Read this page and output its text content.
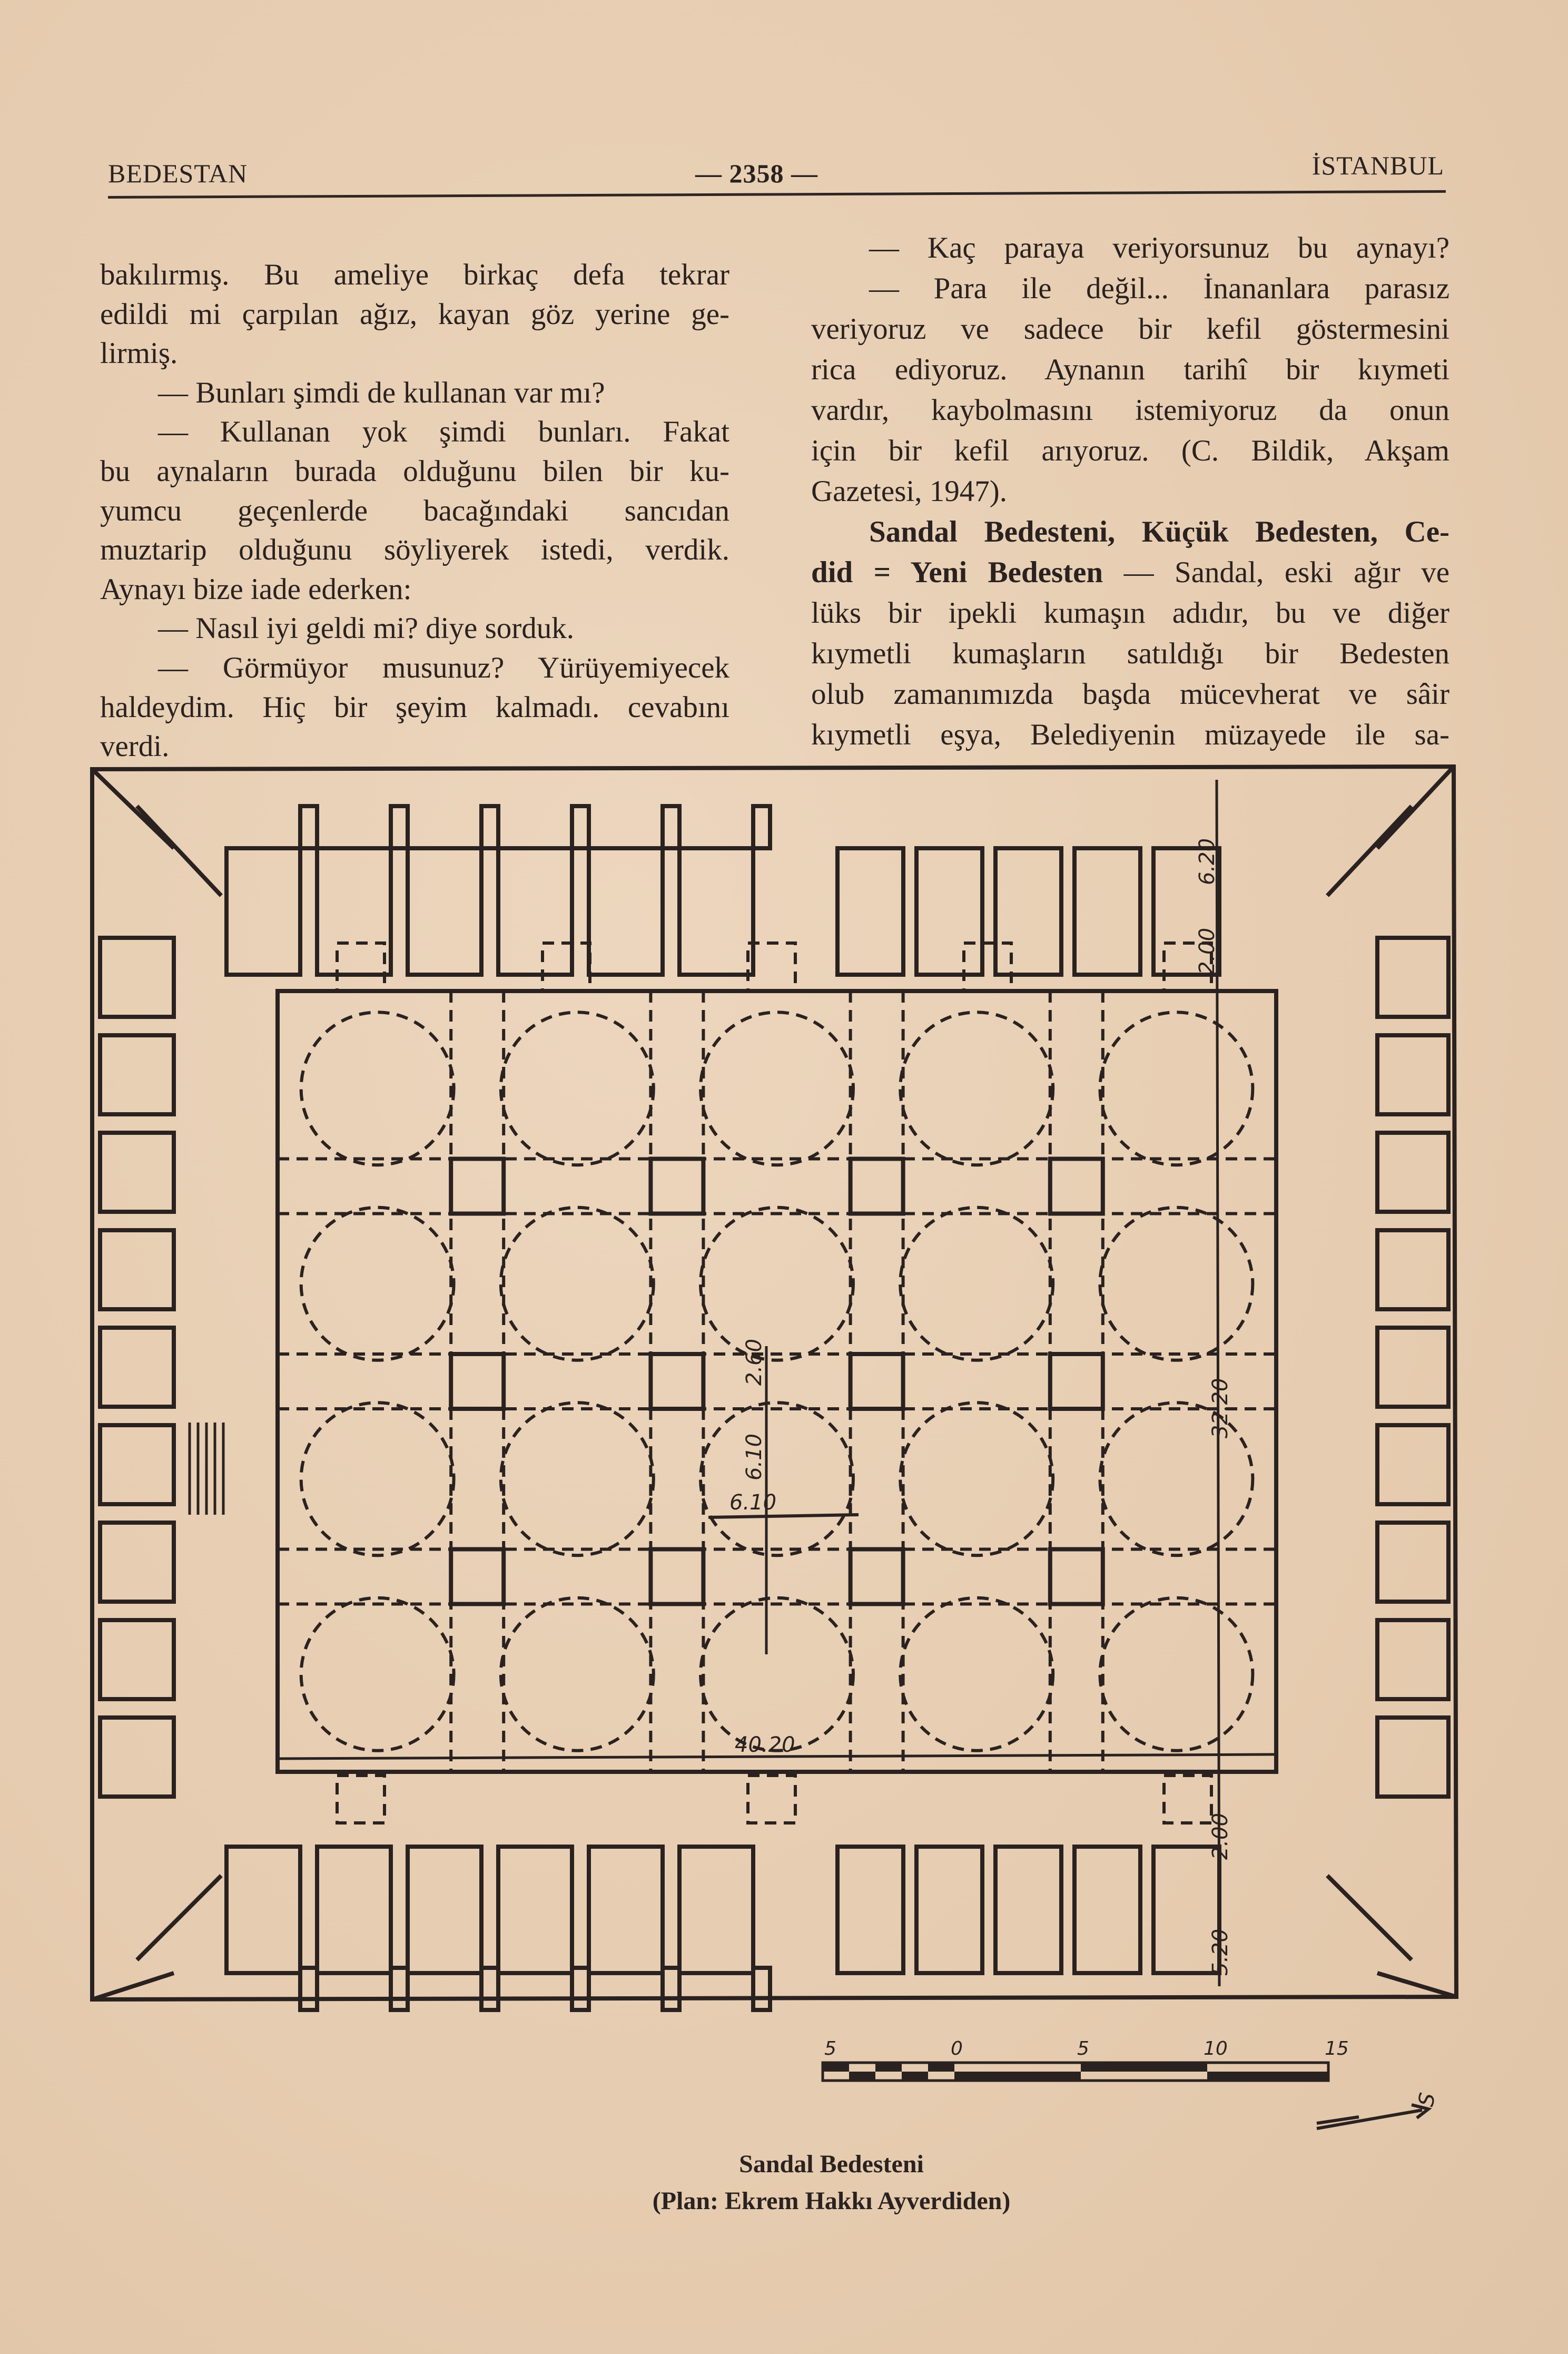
BEDESTAN	— 2358 —	İSTANBUL
bakılırmış. Bu ameliye birkaç defa tekrar
edildi mi çarpılan ağız, kayan göz yerine ge-
lirmiş.
— Bunları şimdi de kullanan var mı?
— Kullanan yok şimdi bunları. Fakat
bu aynaların burada olduğunu bilen bir ku-
yumcu geçenlerde bacağındaki sancıdan
muztarip olduğunu söyliyerek istedi, verdik.
Aynayı bize iade ederken:
— Nasıl iyi geldi mi? diye sorduk.
— Görmüyor musunuz? Yürüyemiyecek
haldeydim. Hiç bir şeyim kalmadı. cevabını
verdi.
— Kaç paraya veriyorsunuz bu aynayı?
— Para ile değil... İnananlara parasız
veriyoruz ve sadece bir kefil göstermesini
rica ediyoruz. Aynanın tarihî bir kıymeti
vardır, kaybolmasını istemiyoruz da onun
için bir kefil arıyoruz. (C. Bildik, Akşam
Gazetesi, 1947).
Sandal Bedesteni, Küçük Bedesten, Ce-
did = Yeni Bedesten — Sandal, eski ağır ve
lüks bir ipekli kumaşın adıdır, bu ve diğer
kıymetli kumaşların satıldığı bir Bedesten
olub zamanımızda başda mücevherat ve sâir
kıymetli eşya, Belediyenin müzayede ile sa-
6.20
2.00
2.60
6.10
6.10
32.20
40.20
2.00
5.20
5	0	5	10	15
S
Sandal Bedesteni
(Plan: Ekrem Hakkı Ayverdiden)
